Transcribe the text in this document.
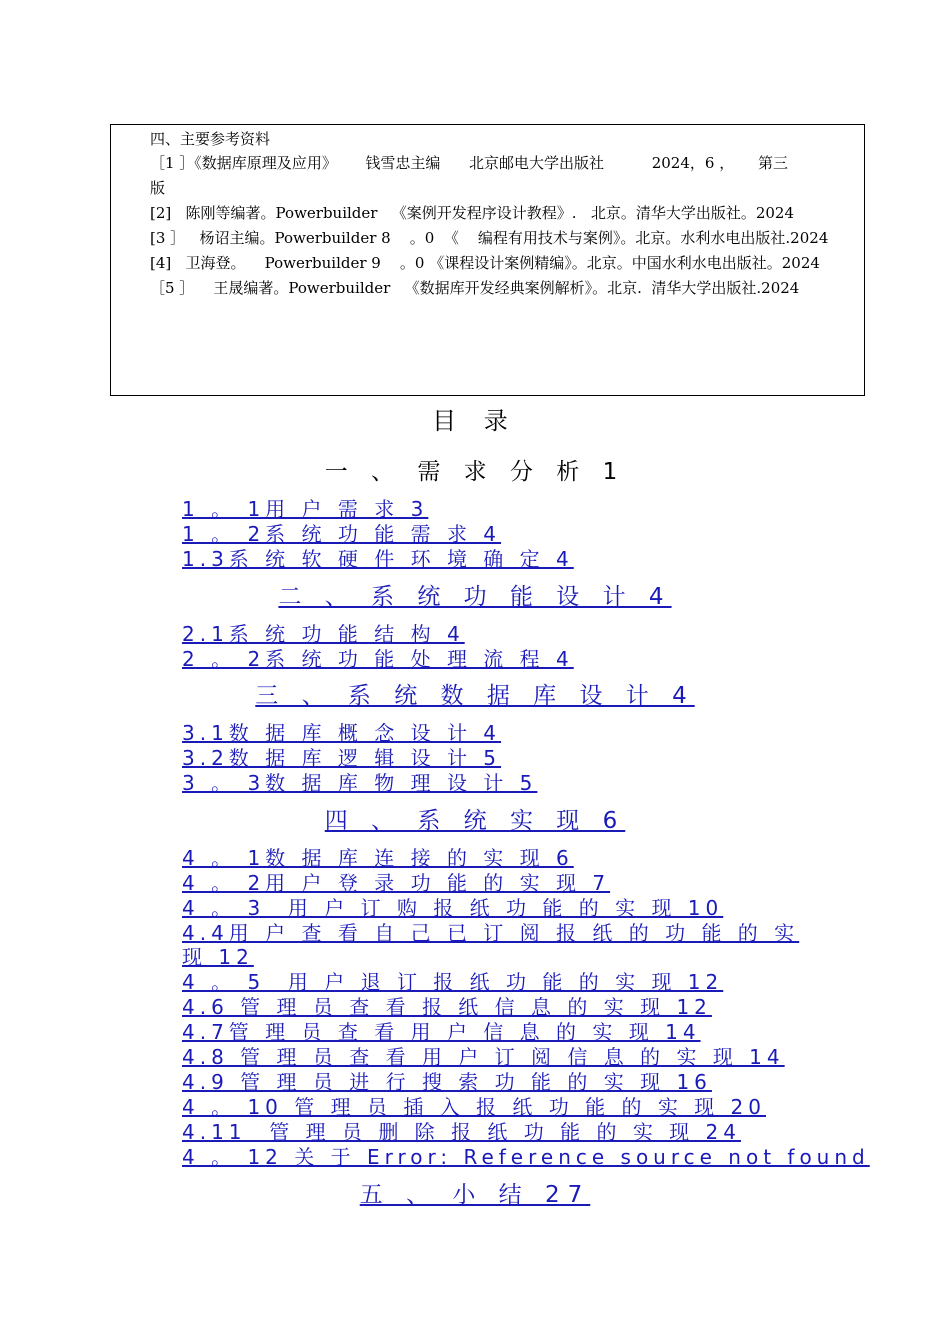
四、主要参考资料
［1 ］《数据库原理及应用》      钱雪忠主编      北京邮电大学出版社          2024，6 ，     第三
版
[2]   陈刚等编著。Powerbuilder   《案例开发程序设计教程》.   北京。清华大学出版社。2024
[3 ］   杨诏主编。Powerbuilder 8    。0  《    编程有用技术与案例》。北京。水利水电出版社.2024
[4]   卫海登。    Powerbuilder 9    。0 《课程设计案例精编》。北京。中国水利水电出版社。2024
［5 ］    王晟编著。Powerbuilder   《数据库开发经典案例解析》。北京.  清华大学出版社.2024
目 录
一 、 需 求 分 析 1
1 。 1用 户 需 求 3
1 。 2系 统 功 能 需 求 4
1.3系 统 软 硬 件 环 境 确 定 4
二 、 系 统 功 能 设 计 4
2.1系 统 功 能 结 构 4
2 。 2系 统 功 能 处 理 流 程 4
三 、 系 统 数 据 库 设 计 4
3.1数 据 库 概 念 设 计 4
3.2数 据 库 逻 辑 设 计 5
3 。 3数 据 库 物 理 设 计 5
四 、 系 统 实 现 6
4 。 1数 据 库 连 接 的 实 现 6
4 。 2用 户 登 录 功 能 的 实 现 7
4 。 3  用 户 订 购 报 纸 功 能 的 实 现 10
4.4用 户 查 看 自 己 已 订 阅 报 纸 的 功 能 的 实 现 12
4 。 5  用 户 退 订 报 纸 功 能 的 实 现 12
4.6 管 理 员 查 看 报 纸 信 息 的 实 现 12
4.7管 理 员 查 看 用 户 信 息 的 实 现 14
4.8 管 理 员 查 看 用 户 订 阅 信 息 的 实 现 14
4.9 管 理 员 进 行 搜 索 功 能 的 实 现 16
4 。 10 管 理 员 插 入 报 纸 功 能 的 实 现 20
4.11  管 理 员 删 除 报 纸 功 能 的 实 现 24
4 。 12 关 于 Error: Reference source not found
五 、 小 结 27
